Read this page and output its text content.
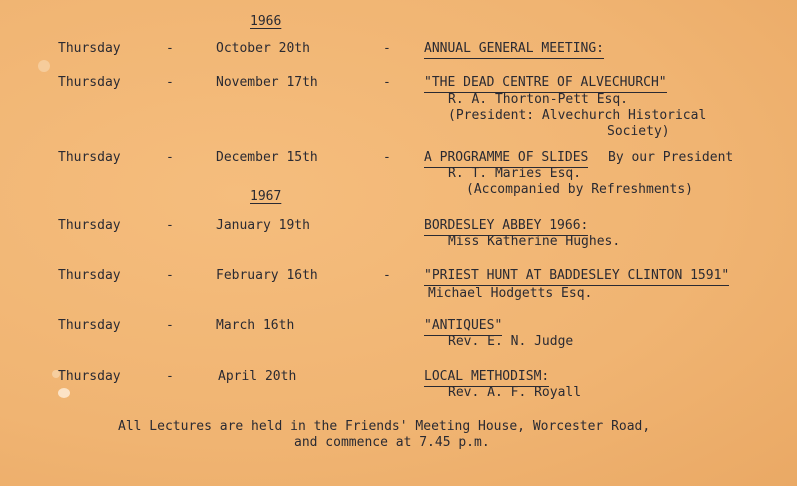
1966
1967
Thursday	-	October 20th	-	ANNUAL GENERAL MEETING:
Thursday	-	November 17th	-	"THE DEAD CENTRE OF ALVECHURCH"
R. A. Thorton-Pett Esq.
(President: Alvechurch Historical
Society)
Thursday	-	December 15th	-	A PROGRAMME OF SLIDES By our President
R. T. Maries Esq.
(Accompanied by Refreshments)
Thursday	-	January 19th	BORDESLEY ABBEY 1966:
Miss Katherine Hughes.
Thursday	-	February 16th	-	"PRIEST HUNT AT BADDESLEY CLINTON 1591"
Michael Hodgetts Esq.
Thursday	-	March 16th	"ANTIQUES"
Rev. E. N. Judge
Thursday	-	April 20th	LOCAL METHODISM:
Rev. A. F. Royall
All Lectures are held in the Friends' Meeting House, Worcester Road,
and commence at 7.45 p.m.
